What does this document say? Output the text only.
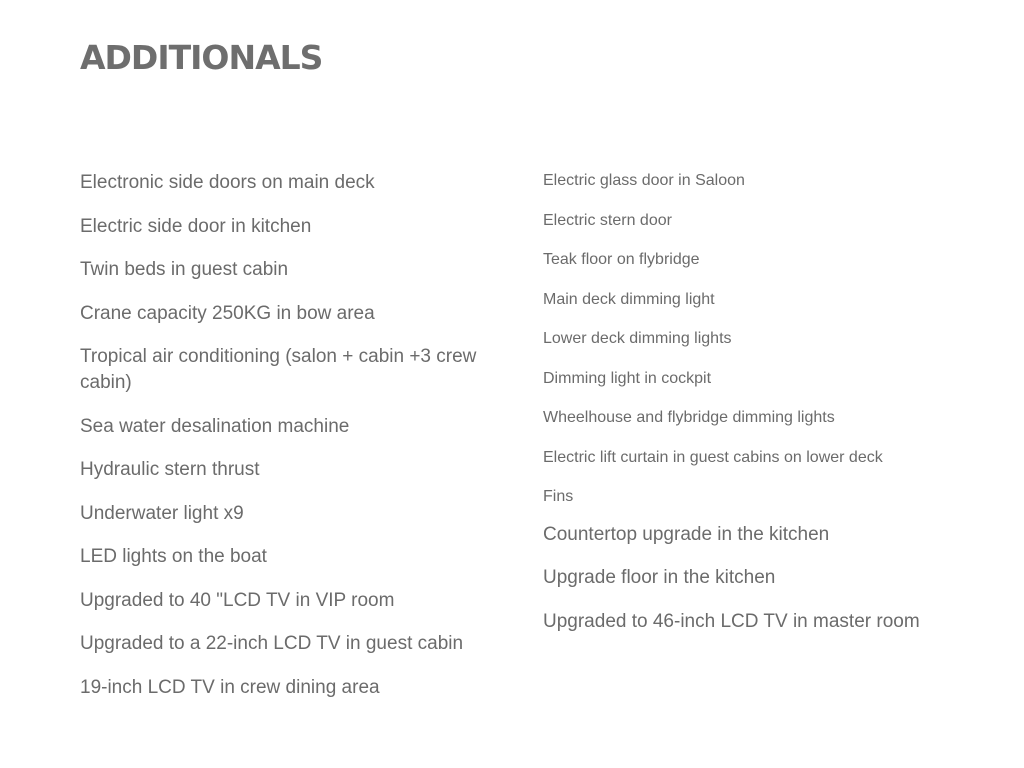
ADDITIONALS
Electronic side doors on main deck
Electric side door in kitchen
Twin beds in guest cabin
Crane capacity 250KG in bow area
Tropical air conditioning (salon + cabin +3 crew cabin)
Sea water desalination machine
Hydraulic stern thrust
Underwater light x9
LED lights on the boat
Upgraded to 40 "LCD TV in VIP room
Upgraded to a 22-inch LCD TV in guest cabin
19-inch LCD TV in crew dining area
Electric glass door in Saloon
Electric stern door
Teak floor on flybridge
Main deck dimming light
Lower deck dimming lights
Dimming light in cockpit
Wheelhouse and flybridge dimming lights
Electric lift curtain in guest cabins on lower deck
Fins
Countertop upgrade in the kitchen
Upgrade floor in the kitchen
Upgraded to 46-inch LCD TV in master room
